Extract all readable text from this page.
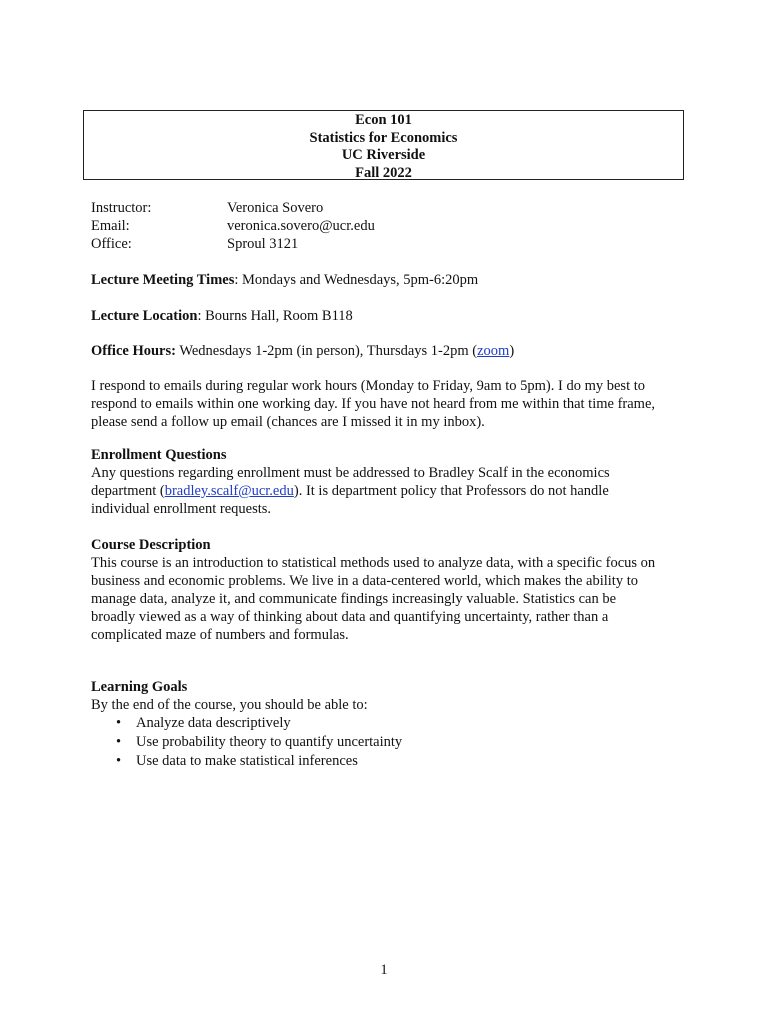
Econ 101
Statistics for Economics
UC Riverside
Fall 2022
Instructor:	Veronica Sovero
Email:	veronica.sovero@ucr.edu
Office:	Sproul 3121
Lecture Meeting Times: Mondays and Wednesdays, 5pm-6:20pm
Lecture Location: Bourns Hall, Room B118
Office Hours: Wednesdays 1-2pm (in person), Thursdays 1-2pm (zoom)
I respond to emails during regular work hours (Monday to Friday, 9am to 5pm). I do my best to
respond to emails within one working day. If you have not heard from me within that time frame,
please send a follow up email (chances are I missed it in my inbox).
Enrollment Questions
Any questions regarding enrollment must be addressed to Bradley Scalf in the economics
department (bradley.scalf@ucr.edu). It is department policy that Professors do not handle
individual enrollment requests.
Course Description
This course is an introduction to statistical methods used to analyze data, with a specific focus on
business and economic problems. We live in a data-centered world, which makes the ability to
manage data, analyze it, and communicate findings increasingly valuable. Statistics can be
broadly viewed as a way of thinking about data and quantifying uncertainty, rather than a
complicated maze of numbers and formulas.
Learning Goals
By the end of the course, you should be able to:
• Analyze data descriptively
• Use probability theory to quantify uncertainty
• Use data to make statistical inferences
1
